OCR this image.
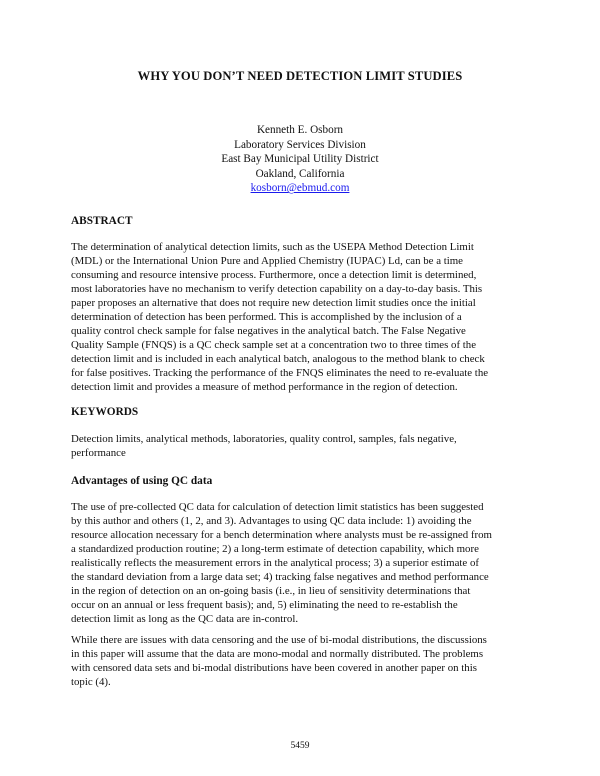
WHY YOU DON’T NEED DETECTION LIMIT STUDIES
Kenneth E. Osborn
Laboratory Services Division
East Bay Municipal Utility District
Oakland, California
kosborn@ebmud.com
ABSTRACT
The determination of analytical detection limits, such as the USEPA Method Detection Limit
(MDL) or the International Union Pure and Applied Chemistry (IUPAC) Ld, can be a time
consuming and resource intensive process. Furthermore, once a detection limit is determined,
most laboratories have no mechanism to verify detection capability on a day-to-day basis. This
paper proposes an alternative that does not require new detection limit studies once the initial
determination of detection has been performed. This is accomplished by the inclusion of a
quality control check sample for false negatives in the analytical batch. The False Negative
Quality Sample (FNQS) is a QC check sample set at a concentration two to three times of the
detection limit and is included in each analytical batch, analogous to the method blank to check
for false positives. Tracking the performance of the FNQS eliminates the need to re-evaluate the
detection limit and provides a measure of method performance in the region of detection.
KEYWORDS
Detection limits, analytical methods, laboratories, quality control, samples, fals negative,
performance
Advantages of using QC data
The use of pre-collected QC data for calculation of detection limit statistics has been suggested
by this author and others (1, 2, and 3). Advantages to using QC data include: 1) avoiding the
resource allocation necessary for a bench determination where analysts must be re-assigned from
a standardized production routine; 2) a long-term estimate of detection capability, which more
realistically reflects the measurement errors in the analytical process; 3) a superior estimate of
the standard deviation from a large data set; 4) tracking false negatives and method performance
in the region of detection on an on-going basis (i.e., in lieu of sensitivity determinations that
occur on an annual or less frequent basis); and, 5) eliminating the need to re-establish the
detection limit as long as the QC data are in-control.
While there are issues with data censoring and the use of bi-modal distributions, the discussions
in this paper will assume that the data are mono-modal and normally distributed. The problems
with censored data sets and bi-modal distributions have been covered in another paper on this
topic (4).
5459
